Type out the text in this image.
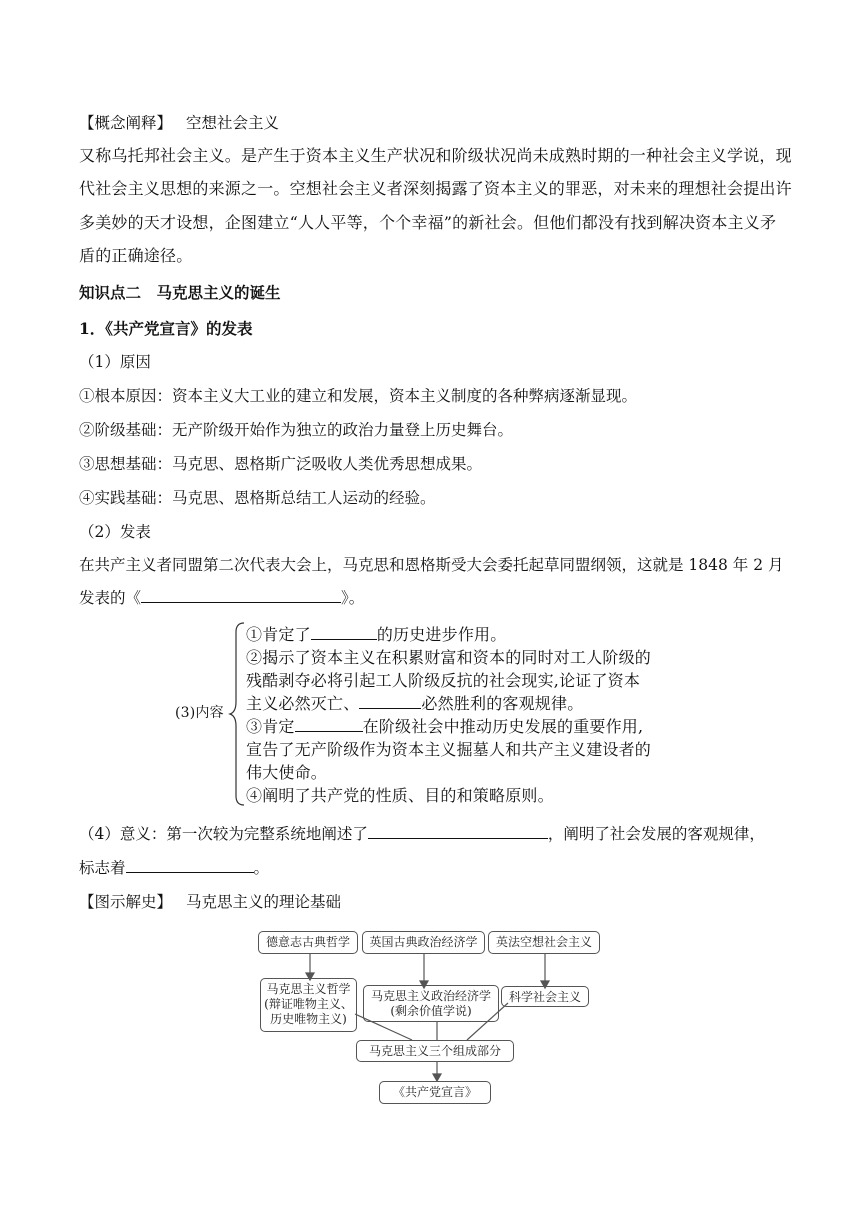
【概念阐释】 空想社会主义
又称乌托邦社会主义。是产生于资本主义生产状况和阶级状况尚未成熟时期的一种社会主义学说，现
代社会主义思想的来源之一。空想社会主义者深刻揭露了资本主义的罪恶，对未来的理想社会提出许
多美妙的天才设想，企图建立“人人平等，个个幸福”的新社会。但他们都没有找到解决资本主义矛
盾的正确途径。
知识点二　马克思主义的诞生
1．《共产党宣言》的发表
（1）原因
①根本原因：资本主义大工业的建立和发展，资本主义制度的各种弊病逐渐显现。
②阶级基础：无产阶级开始作为独立的政治力量登上历史舞台。
③思想基础：马克思、恩格斯广泛吸收人类优秀思想成果。
④实践基础：马克思、恩格斯总结工人运动的经验。
（2）发表
在共产主义者同盟第二次代表大会上，马克思和恩格斯受大会委托起草同盟纲领，这就是 1848 年 2 月
发表的《	》。
(3)内容
①肯定了	的历史进步作用。
②揭示了资本主义在积累财富和资本的同时对工人阶级的
残酷剥夺必将引起工人阶级反抗的社会现实,论证了资本
主义必然灭亡、	必然胜利的客观规律。
③肯定	在阶级社会中推动历史发展的重要作用,
宣告了无产阶级作为资本主义掘墓人和共产主义建设者的
伟大使命。
④阐明了共产党的性质、目的和策略原则。
（4）意义：第一次较为完整系统地阐述了	，阐明了社会发展的客观规律，
标志着	。
【图示解史】 马克思主义的理论基础
德意志古典哲学	英国古典政治经济学	英法空想社会主义
马克思主义哲学
(辩证唯物主义、
历史唯物主义)
马克思主义政治经济学
(剩余价值学说)
科学社会主义
马克思主义三个组成部分
《共产党宣言》
